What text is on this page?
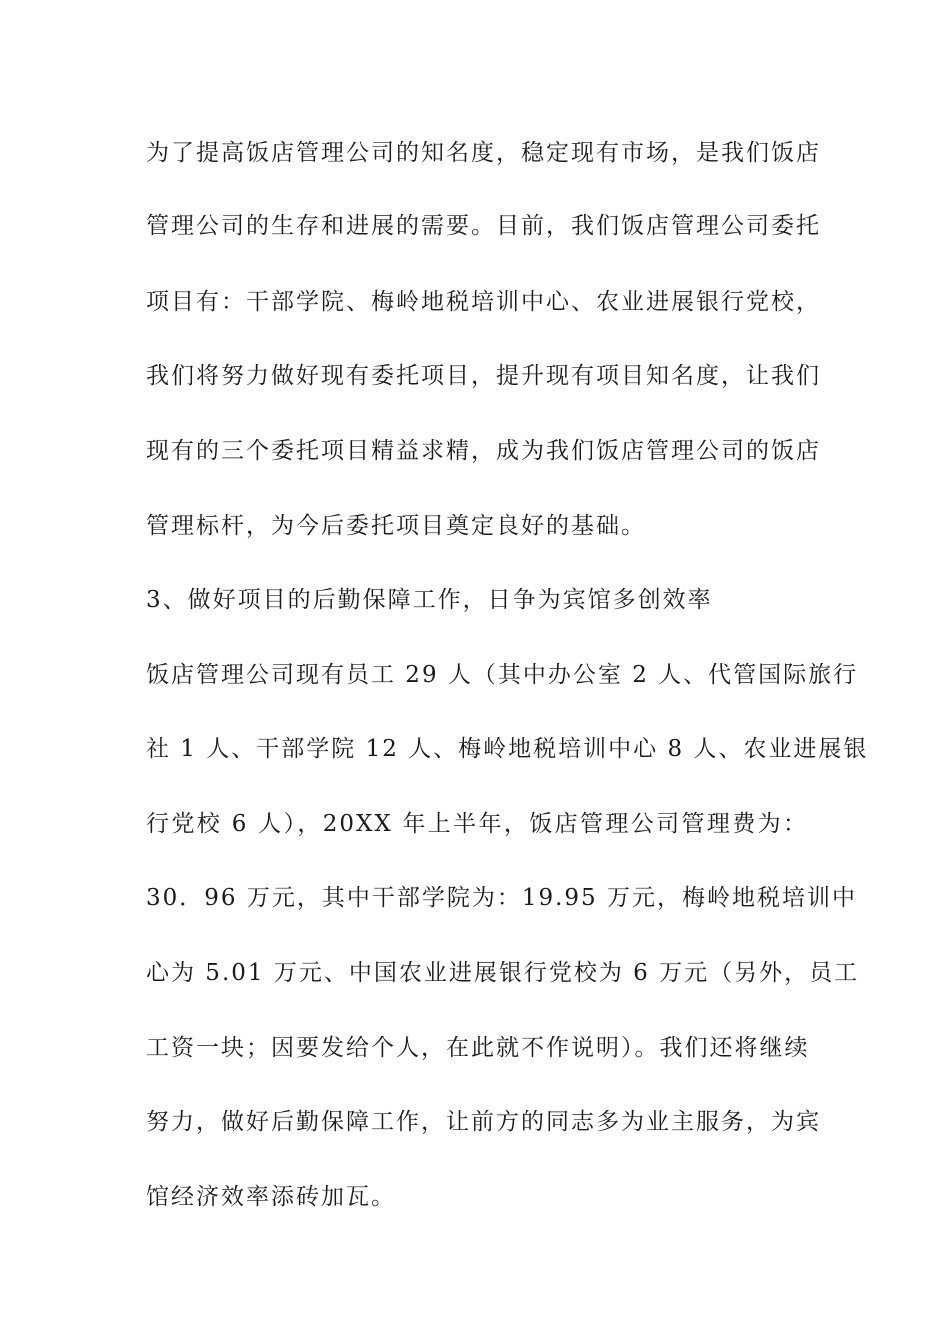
为了提高饭店管理公司的知名度，稳定现有市场，是我们饭店
管理公司的生存和进展的需要。目前，我们饭店管理公司委托
项目有：干部学院、梅岭地税培训中心、农业进展银行党校，
我们将努力做好现有委托项目，提升现有项目知名度，让我们
现有的三个委托项目精益求精，成为我们饭店管理公司的饭店
管理标杆，为今后委托项目奠定良好的基础。
3、做好项目的后勤保障工作，日争为宾馆多创效率
饭店管理公司现有员工 29 人（其中办公室 2 人、代管国际旅行
社 1 人、干部学院 12 人、梅岭地税培训中心 8 人、农业进展银
行党校 6 人），20XX 年上半年，饭店管理公司管理费为：
30．96 万元，其中干部学院为：19.95 万元，梅岭地税培训中
心为 5.01 万元、中国农业进展银行党校为 6 万元（另外，员工
工资一块；因要发给个人，在此就不作说明）。我们还将继续
努力，做好后勤保障工作，让前方的同志多为业主服务，为宾
馆经济效率添砖加瓦。
